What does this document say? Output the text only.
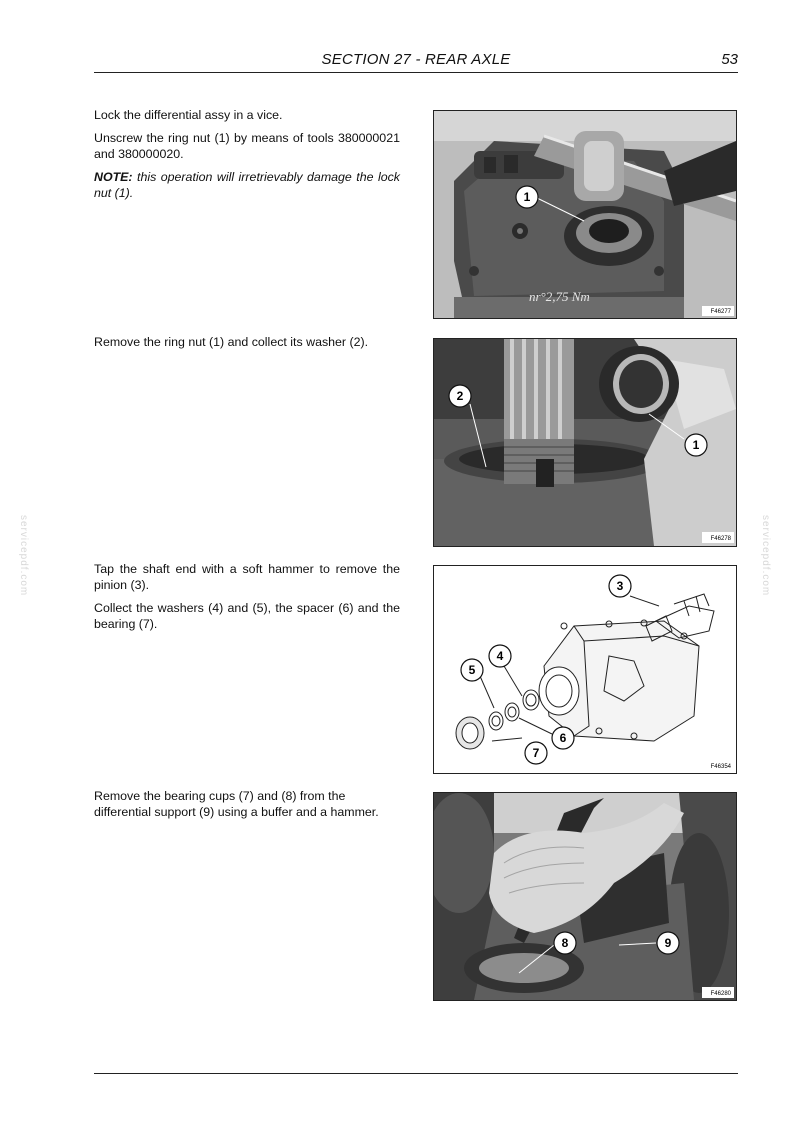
SECTION 27 - REAR AXLE	53
servicepdf.com	servicepdf.com

Lock the differential assy in a vice.

Unscrew the ring nut (1) by means of tools 380000021 and 380000020.

NOTE: this operation will irretrievably damage the lock nut (1).

nr°2,75 Nm
1
F46277

Remove the ring nut (1) and collect its washer (2).

2
1
F46278

Tap the shaft end with a soft hammer to remove the pinion (3).

Collect the washers (4) and (5), the spacer (6) and the bearing (7).

3
4
5
6
7
F46354

Remove the bearing cups (7) and (8) from the differential support (9) using a buffer and a hammer.

8	9
F46280
